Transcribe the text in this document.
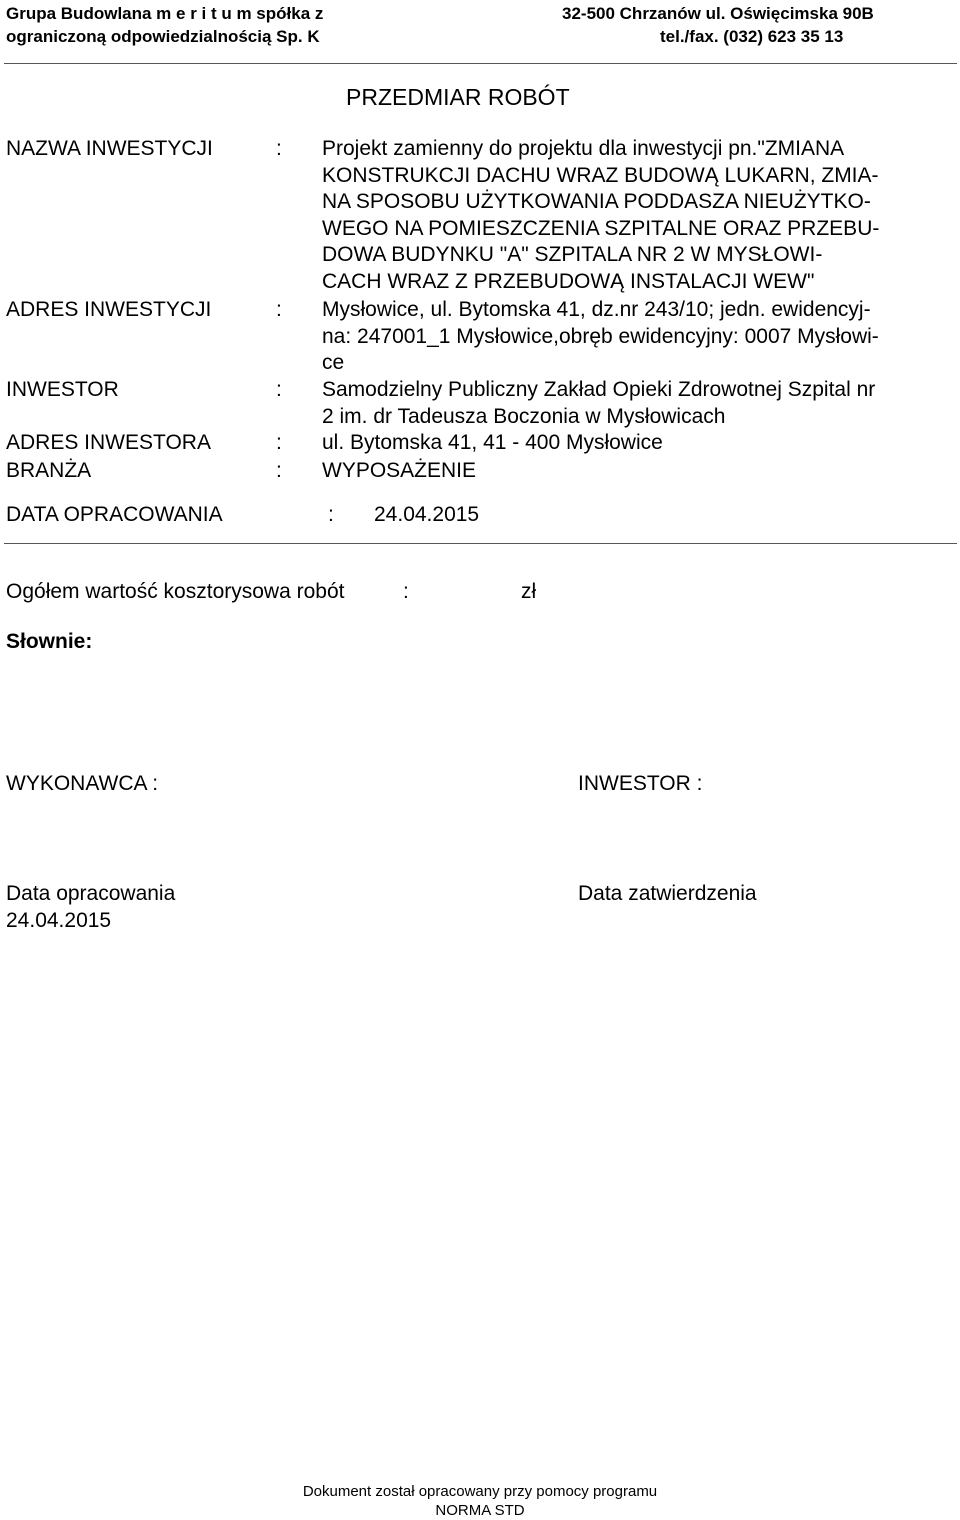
Grupa Budowlana m e r i t u m spółka z
ograniczoną odpowiedzialnością Sp. K
32-500 Chrzanów ul. Oświęcimska 90B
tel./fax. (032) 623 35 13
PRZEDMIAR ROBÓT
NAZWA INWESTYCJI	: Projekt zamienny do projektu dla inwestycji pn."ZMIANA
KONSTRUKCJI DACHU WRAZ BUDOWĄ LUKARN, ZMIA-
NA SPOSOBU UŻYTKOWANIA PODDASZA NIEUŻYTKO-
WEGO NA POMIESZCZENIA SZPITALNE ORAZ PRZEBU-
DOWA BUDYNKU "A" SZPITALA NR 2 W MYSŁOWI-
CACH WRAZ Z PRZEBUDOWĄ INSTALACJI WEW"
ADRES INWESTYCJI	: Mysłowice, ul. Bytomska 41, dz.nr 243/10; jedn. ewidencyj-
na: 247001_1 Mysłowice,obręb ewidencyjny: 0007 Mysłowi-
ce
INWESTOR	: Samodzielny Publiczny Zakład Opieki Zdrowotnej Szpital nr
2 im. dr Tadeusza Boczonia w Mysłowicach
ADRES INWESTORA	: ul. Bytomska 41, 41 - 400 Mysłowice
BRANŻA	: WYPOSAŻENIE
DATA OPRACOWANIA	: 24.04.2015
Ogółem wartość kosztorysowa robót	:	zł
Słownie:
WYKONAWCA :	INWESTOR :
Data opracowania
24.04.2015
Data zatwierdzenia
Dokument został opracowany przy pomocy programu
NORMA STD
